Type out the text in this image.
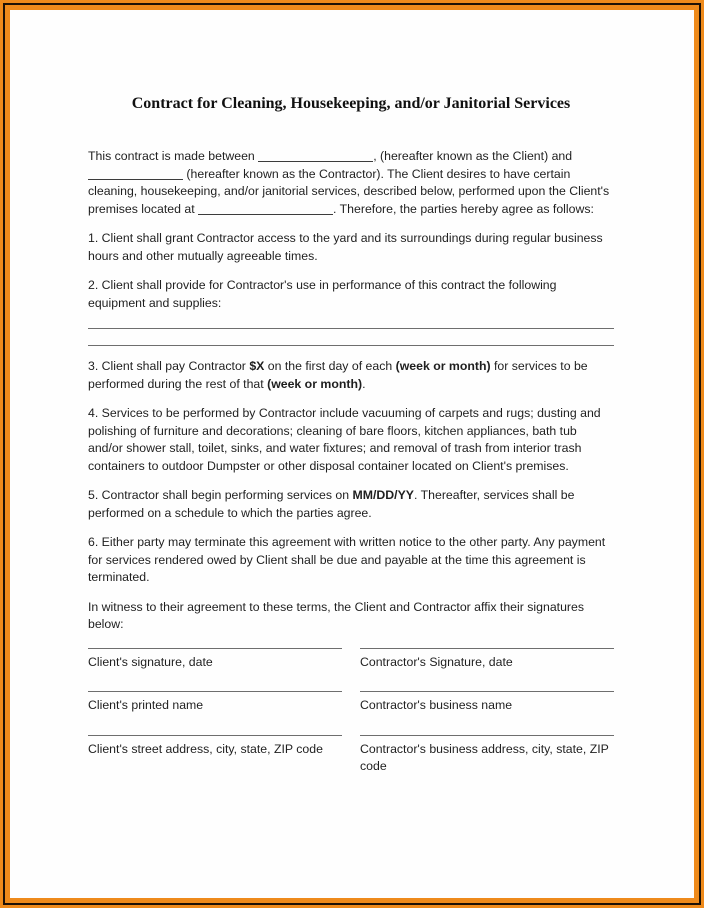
Contract for Cleaning, Housekeeping, and/or Janitorial Services

This contract is made between	, (hereafter known as the Client) and  (hereafter known as the Contractor). The Client desires to have certain cleaning, housekeeping, and/or janitorial services, described below, performed upon the Client's premises located at	. Therefore, the parties hereby agree as follows:

1. Client shall grant Contractor access to the yard and its surroundings during regular business hours and other mutually agreeable times.

2. Client shall provide for Contractor's use in performance of this contract the following equipment and supplies:

3. Client shall pay Contractor $X on the first day of each (week or month) for services to be performed during the rest of that (week or month).

4. Services to be performed by Contractor include vacuuming of carpets and rugs; dusting and polishing of furniture and decorations; cleaning of bare floors, kitchen appliances, bath tub and/or shower stall, toilet, sinks, and water fixtures; and removal of trash from interior trash containers to outdoor Dumpster or other disposal container located on Client's premises.

5. Contractor shall begin performing services on MM/DD/YY. Thereafter, services shall be performed on a schedule to which the parties agree.

6. Either party may terminate this agreement with written notice to the other party. Any payment for services rendered owed by Client shall be due and payable at the time this agreement is terminated.

In witness to their agreement to these terms, the Client and Contractor affix their signatures below:

Client's signature, date	Contractor's Signature, date
Client's printed name	Contractor's business name
Client's street address, city, state, ZIP code	Contractor's business address, city, state, ZIP code
